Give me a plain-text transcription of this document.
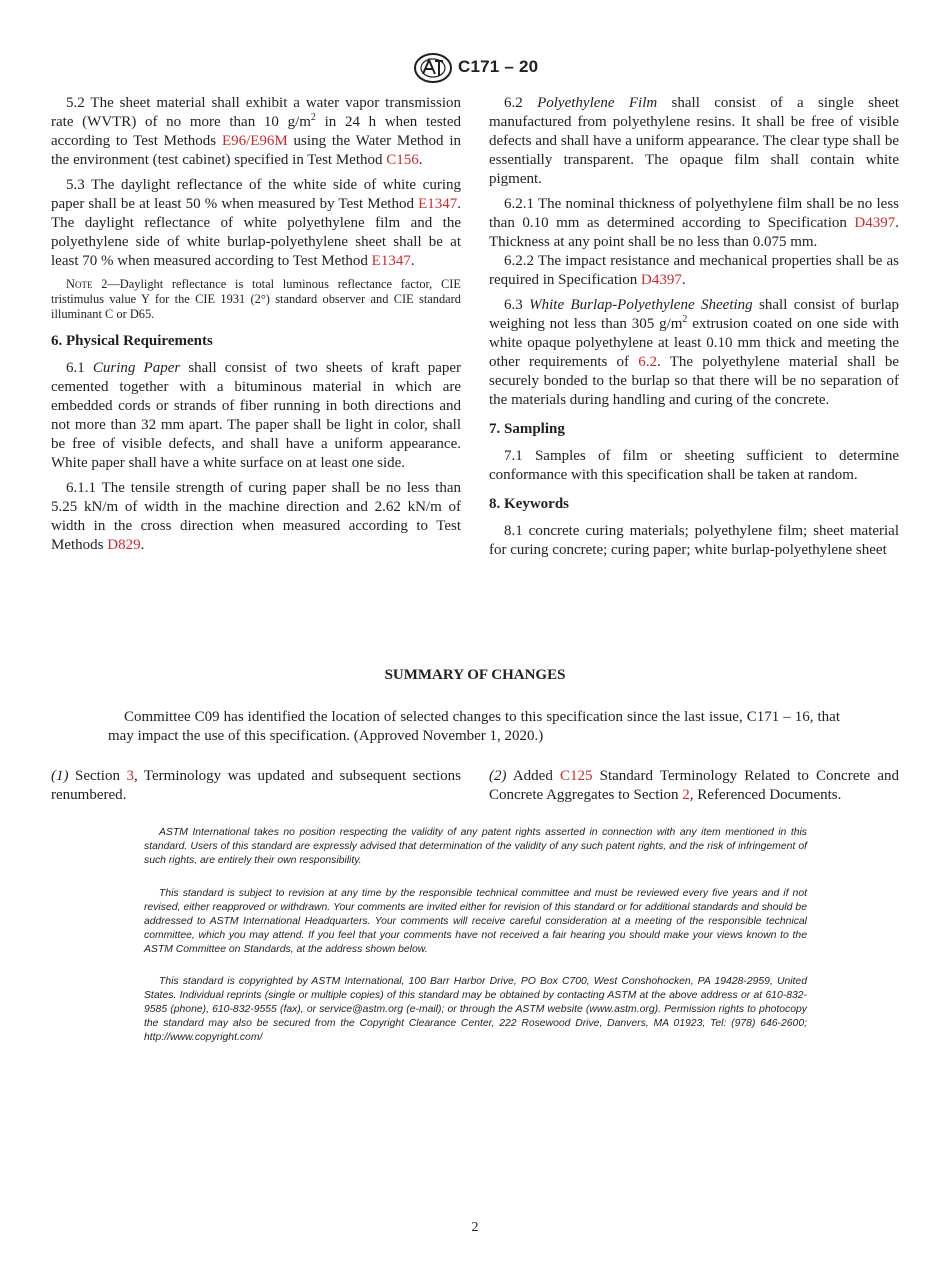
C171 – 20

5.2 The sheet material shall exhibit a water vapor transmission rate (WVTR) of no more than 10 $g/m^2$ in 24 h when tested according to Test Methods E96/E96M using the Water Method in the environment (test cabinet) specified in Test Method C156.

5.3 The daylight reflectance of the white side of white curing paper shall be at least 50 % when measured by Test Method E1347. The daylight reflectance of white polyethylene film and the polyethylene side of white burlap-polyethylene sheet shall be at least 70 % when measured according to Test Method E1347.

Note 2—Daylight reflectance is total luminous reflectance factor, CIE tristimulus value Y for the CIE 1931 (2°) standard observer and CIE standard illuminant C or D65.
6. Physical Requirements

6.1 Curing Paper shall consist of two sheets of kraft paper cemented together with a bituminous material in which are embedded cords or strands of fiber running in both directions and not more than 32 mm apart. The paper shall be light in color, shall be free of visible defects, and shall have a uniform appearance. White paper shall have a white surface on at least one side.

6.1.1 The tensile strength of curing paper shall be no less than 5.25 kN/m of width in the machine direction and 2.62 kN/m of width in the cross direction when measured according to Test Methods D829.

6.2 Polyethylene Film shall consist of a single sheet manufactured from polyethylene resins. It shall be free of visible defects and shall have a uniform appearance. The clear type shall be essentially transparent. The opaque film shall contain white pigment.

6.2.1 The nominal thickness of polyethylene film shall be no less than 0.10 mm as determined according to Specification D4397. Thickness at any point shall be no less than 0.075 mm.

6.2.2 The impact resistance and mechanical properties shall be as required in Specification D4397.

6.3 White Burlap-Polyethylene Sheeting shall consist of burlap weighing not less than 305 $g/m^2$ extrusion coated on one side with white opaque polyethylene at least 0.10 mm thick and meeting the other requirements of 6.2. The polyethylene material shall be securely bonded to the burlap so that there will be no separation of the materials during handling and curing of the concrete.

7. Sampling

7.1 Samples of film or sheeting sufficient to determine conformance with this specification shall be taken at random.

8. Keywords

8.1 concrete curing materials; polyethylene film; sheet material for curing concrete; curing paper; white burlap-polyethylene sheet

SUMMARY OF CHANGES
Committee C09 has identified the location of selected changes to this specification since the last issue, C171 – 16, that may impact the use of this specification. (Approved November 1, 2020.)

(1) Section 3, Terminology was updated and subsequent sections renumbered.

(2) Added C125 Standard Terminology Related to Concrete and Concrete Aggregates to Section 2, Referenced Documents.

ASTM International takes no position respecting the validity of any patent rights asserted in connection with any item mentioned in this standard. Users of this standard are expressly advised that determination of the validity of any such patent rights, and the risk of infringement of such rights, are entirely their own responsibility.

This standard is subject to revision at any time by the responsible technical committee and must be reviewed every five years and if not revised, either reapproved or withdrawn. Your comments are invited either for revision of this standard or for additional standards and should be addressed to ASTM International Headquarters. Your comments will receive careful consideration at a meeting of the responsible technical committee, which you may attend. If you feel that your comments have not received a fair hearing you should make your views known to the ASTM Committee on Standards, at the address shown below.

This standard is copyrighted by ASTM International, 100 Barr Harbor Drive, PO Box C700, West Conshohocken, PA 19428-2959, United States. Individual reprints (single or multiple copies) of this standard may be obtained by contacting ASTM at the above address or at 610-832-9585 (phone), 610-832-9555 (fax), or service@astm.org (e-mail); or through the ASTM website (www.astm.org). Permission rights to photocopy the standard may also be secured from the Copyright Clearance Center, 222 Rosewood Drive, Danvers, MA 01923, Tel: (978) 646-2600; http://www.copyright.com/

2
